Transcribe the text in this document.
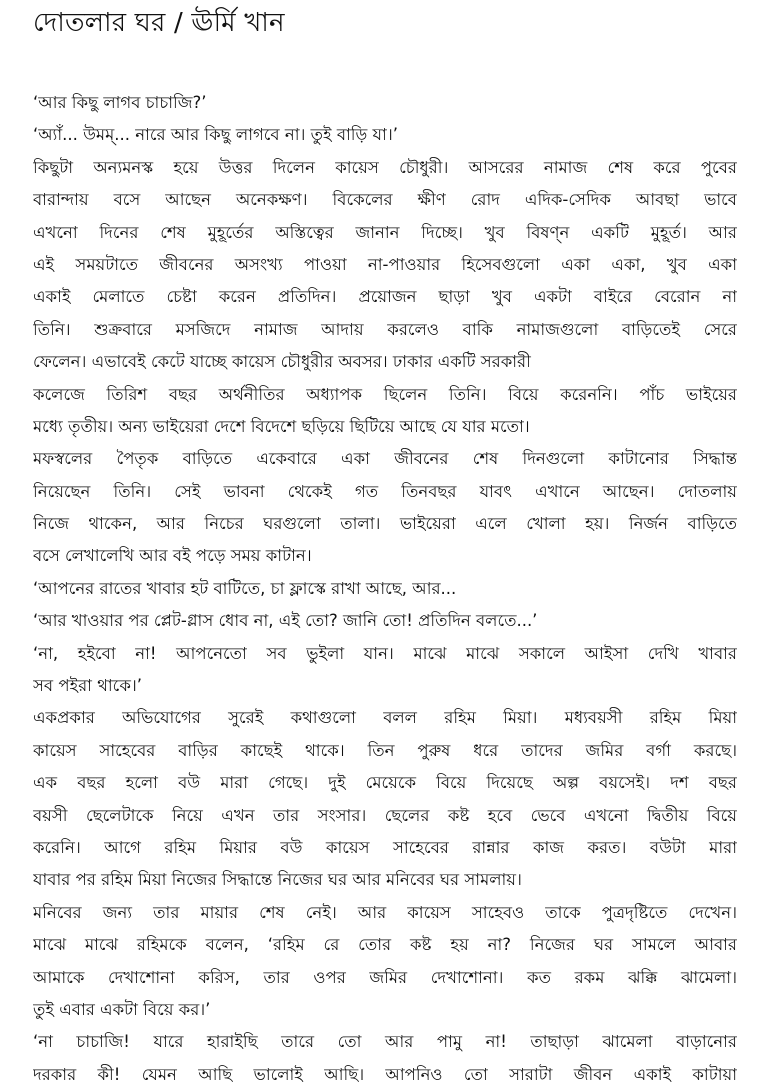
দোতলার ঘর / ঊর্মি খান
‘আর কিছু লাগব চাচাজি?’
‘অ্যাঁ... উমম্... নারে আর কিছু লাগবে না। তুই বাড়ি যা।’
কিছুটা অন্যমনস্ক হয়ে উত্তর দিলেন কায়েস চৌধুরী। আসরের নামাজ শেষ করে পুবের
বারান্দায় বসে আছেন অনেকক্ষণ। বিকেলের ক্ষীণ রোদ এদিক-সেদিক আবছা ভাবে
এখনো দিনের শেষ মুহূর্তের অস্তিত্বের জানান দিচ্ছে। খুব বিষণ্ন একটি মুহূর্ত। আর
এই সময়টাতে জীবনের অসংখ্য পাওয়া না-পাওয়ার হিসেবগুলো একা একা, খুব একা
একাই মেলাতে চেষ্টা করেন প্রতিদিন। প্রয়োজন ছাড়া খুব একটা বাইরে বেরোন না
তিনি। শুক্রবারে মসজিদে নামাজ আদায় করলেও বাকি নামাজগুলো বাড়িতেই সেরে
ফেলেন। এভাবেই কেটে যাচ্ছে কায়েস চৌধুরীর অবসর। ঢাকার একটি সরকারী
কলেজে তিরিশ বছর অর্থনীতির অধ্যাপক ছিলেন তিনি। বিয়ে করেননি। পাঁচ ভাইয়ের
মধ্যে তৃতীয়। অন্য ভাইয়েরা দেশে বিদেশে ছড়িয়ে ছিটিয়ে আছে যে যার মতো।
মফস্বলের পৈতৃক বাড়িতে একেবারে একা জীবনের শেষ দিনগুলো কাটানোর সিদ্ধান্ত
নিয়েছেন তিনি। সেই ভাবনা থেকেই গত তিনবছর যাবৎ এখানে আছেন। দোতলায়
নিজে থাকেন, আর নিচের ঘরগুলো তালা। ভাইয়েরা এলে খোলা হয়। নির্জন বাড়িতে
বসে লেখালেখি আর বই পড়ে সময় কাটান।
‘আপনের রাতের খাবার হট বাটিতে, চা ফ্লাস্কে রাখা আছে, আর...
‘আর খাওয়ার পর প্লেট-গ্লাস ধোব না, এই তো? জানি তো! প্রতিদিন বলতে...’
‘না, হইবো না! আপনেতো সব ভুইলা যান। মাঝে মাঝে সকালে আইসা দেখি খাবার
সব পইরা থাকে।’
একপ্রকার অভিযোগের সুরেই কথাগুলো বলল রহিম মিয়া। মধ্যবয়সী রহিম মিয়া
কায়েস সাহেবের বাড়ির কাছেই থাকে। তিন পুরুষ ধরে তাদের জমির বর্গা করছে।
এক বছর হলো বউ মারা গেছে। দুই মেয়েকে বিয়ে দিয়েছে অল্প বয়সেই। দশ বছর
বয়সী ছেলেটাকে নিয়ে এখন তার সংসার। ছেলের কষ্ট হবে ভেবে এখনো দ্বিতীয় বিয়ে
করেনি। আগে রহিম মিয়ার বউ কায়েস সাহেবের রান্নার কাজ করত। বউটা মারা
যাবার পর রহিম মিয়া নিজের সিদ্ধান্তে নিজের ঘর আর মনিবের ঘর সামলায়।
মনিবের জন্য তার মায়ার শেষ নেই। আর কায়েস সাহেবও তাকে পুত্রদৃষ্টিতে দেখেন।
মাঝে মাঝে রহিমকে বলেন, ‘রহিম রে তোর কষ্ট হয় না? নিজের ঘর সামলে আবার
আমাকে দেখাশোনা করিস, তার ওপর জমির দেখাশোনা। কত রকম ঝক্কি ঝামেলা।
তুই এবার একটা বিয়ে কর।’
‘না চাচাজি! যারে হারাইছি তারে তো আর পামু না! তাছাড়া ঝামেলা বাড়ানোর
দরকার কী! যেমন আছি ভালোই আছি। আপনিও তো সারাটা জীবন একাই কাটায়া
